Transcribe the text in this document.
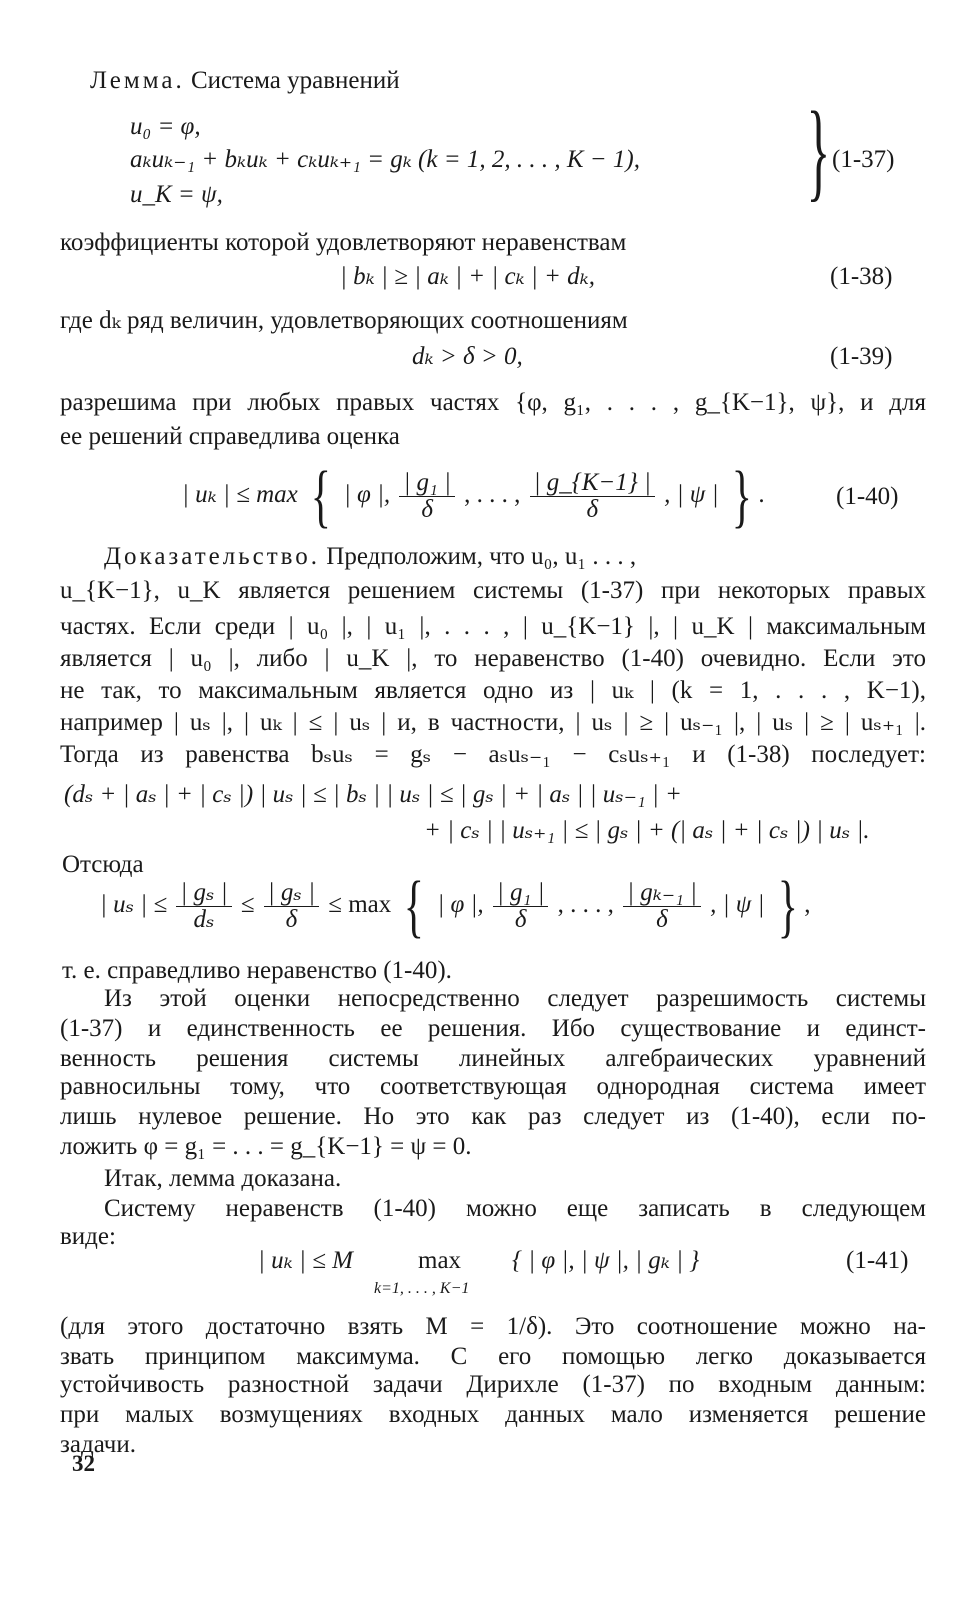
Лемма. Система уравнений
u₀ = φ,
aₖuₖ₋₁ + bₖuₖ + cₖuₖ₊₁ = gₖ (k = 1, 2, . . . , K − 1),
u_K = ψ,	} (1-37)
коэффициенты которой удовлетворяют неравенствам
| bₖ | ≥ | aₖ | + | cₖ | + dₖ,	(1-38)
где dₖ ряд величин, удовлетворяющих соотношениям
dₖ > δ > 0,	(1-39)
разрешима при любых правых частях {φ, g₁, . . . , g_{K−1}, ψ}, и для
ее решений справедлива оценка
| uₖ | ≤ max { | φ |, $\frac{\text{| g₁ |}}{\delta}$ , . . . , $\frac{| g\_\{K-1\} |}{\delta}$ , | ψ | } .	(1-40)
Доказательство. Предположим, что u₀, u₁ . . . ,
u_{K−1}, u_K является решением системы (1-37) при некоторых правых
частях. Если среди | u₀ |, | u₁ |, . . . , | u_{K−1} |, | u_K | максимальным
является | u₀ |, либо | u_K |, то неравенство (1-40) очевидно. Если это
не так, то максимальным является одно из | uₖ | (k = 1, . . . , K−1),
например | uₛ |, | uₖ | ≤ | uₛ | и, в частности, | uₛ | ≥ | uₛ₋₁ |, | uₛ | ≥ | uₛ₊₁ |.
Тогда из равенства bₛuₛ = gₛ − aₛuₛ₋₁ − cₛuₛ₊₁ и (1-38) последует:
(dₛ + | aₛ | + | cₛ |) | uₛ | ≤ | bₛ | | uₛ | ≤ | gₛ | + | aₛ | | uₛ₋₁ | +
+ | cₛ | | uₛ₊₁ | ≤ | gₛ | + (| aₛ | + | cₛ |) | uₛ |.
Отсюда
| uₛ | ≤ $\frac{\text{| gₛ |}}{\text{dₛ}} \le \frac{\text{| gₛ |}}{\delta} \le \max$ { | φ |, $\frac{\text{| g₁ |}}{\delta}$ , . . . , $\frac{\text{| gₖ₋₁ |}}{\delta}$ , | ψ | } ,
т. е. справедливо неравенство (1-40).
Из этой оценки непосредственно следует разрешимость системы
(1-37) и единственность ее решения. Ибо существование и единст-
венность решения системы линейных алгебраических уравнений
равносильны тому, что соответствующая однородная система имеет
лишь нулевое решение. Но это как раз следует из (1-40), если по-
ложить φ = g₁ = . . . = g_{K−1} = ψ = 0.
Итак, лемма доказана.
Систему неравенств (1-40) можно еще записать в следующем
виде:
| uₖ | ≤ M	max
k=1, . . . , K−1
{ | φ |, | ψ |, | gₖ | }	(1-41)
(для этого достаточно взять M = 1/δ). Это соотношение можно на-
звать принципом максимума. С его помощью легко доказывается
устойчивость разностной задачи Дирихле (1-37) по входным данным:
при малых возмущениях входных данных мало изменяется решение
задачи.
32
